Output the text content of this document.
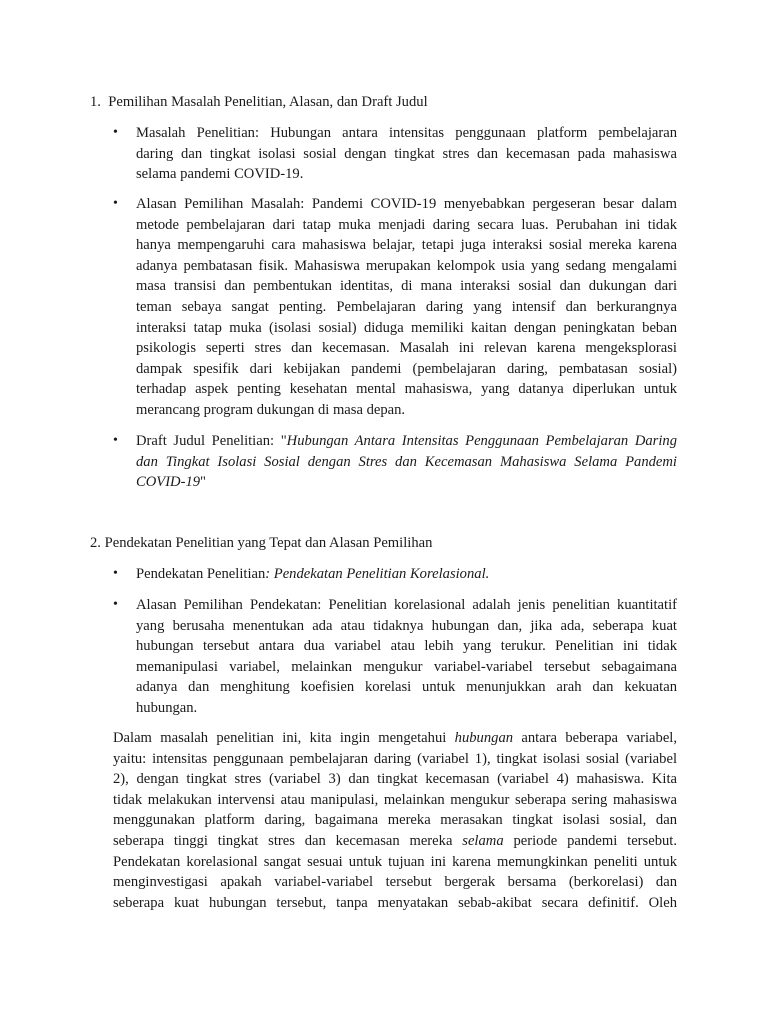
1. Pemilihan Masalah Penelitian, Alasan, dan Draft Judul
•	Masalah Penelitian: Hubungan antara intensitas penggunaan platform pembelajaran
daring dan tingkat isolasi sosial dengan tingkat stres dan kecemasan pada mahasiswa
selama pandemi COVID-19.
•	Alasan Pemilihan Masalah: Pandemi COVID-19 menyebabkan pergeseran besar dalam
metode pembelajaran dari tatap muka menjadi daring secara luas. Perubahan ini tidak
hanya mempengaruhi cara mahasiswa belajar, tetapi juga interaksi sosial mereka karena
adanya pembatasan fisik. Mahasiswa merupakan kelompok usia yang sedang mengalami
masa transisi dan pembentukan identitas, di mana interaksi sosial dan dukungan dari
teman sebaya sangat penting. Pembelajaran daring yang intensif dan berkurangnya
interaksi tatap muka (isolasi sosial) diduga memiliki kaitan dengan peningkatan beban
psikologis seperti stres dan kecemasan. Masalah ini relevan karena mengeksplorasi
dampak spesifik dari kebijakan pandemi (pembelajaran daring, pembatasan sosial)
terhadap aspek penting kesehatan mental mahasiswa, yang datanya diperlukan untuk
merancang program dukungan di masa depan.
•	Draft Judul Penelitian: "Hubungan Antara Intensitas Penggunaan Pembelajaran Daring
dan Tingkat Isolasi Sosial dengan Stres dan Kecemasan Mahasiswa Selama Pandemi
COVID-19"
2. Pendekatan Penelitian yang Tepat dan Alasan Pemilihan
•	Pendekatan Penelitian: Pendekatan Penelitian Korelasional.
•	Alasan Pemilihan Pendekatan: Penelitian korelasional adalah jenis penelitian kuantitatif
yang berusaha menentukan ada atau tidaknya hubungan dan, jika ada, seberapa kuat
hubungan tersebut antara dua variabel atau lebih yang terukur. Penelitian ini tidak
memanipulasi variabel, melainkan mengukur variabel-variabel tersebut sebagaimana
adanya dan menghitung koefisien korelasi untuk menunjukkan arah dan kekuatan
hubungan.
Dalam masalah penelitian ini, kita ingin mengetahui hubungan antara beberapa variabel,
yaitu: intensitas penggunaan pembelajaran daring (variabel 1), tingkat isolasi sosial (variabel
2), dengan tingkat stres (variabel 3) dan tingkat kecemasan (variabel 4) mahasiswa. Kita
tidak melakukan intervensi atau manipulasi, melainkan mengukur seberapa sering mahasiswa
menggunakan platform daring, bagaimana mereka merasakan tingkat isolasi sosial, dan
seberapa tinggi tingkat stres dan kecemasan mereka selama periode pandemi tersebut.
Pendekatan korelasional sangat sesuai untuk tujuan ini karena memungkinkan peneliti untuk
menginvestigasi apakah variabel-variabel tersebut bergerak bersama (berkorelasi) dan
seberapa kuat hubungan tersebut, tanpa menyatakan sebab-akibat secara definitif. Oleh
